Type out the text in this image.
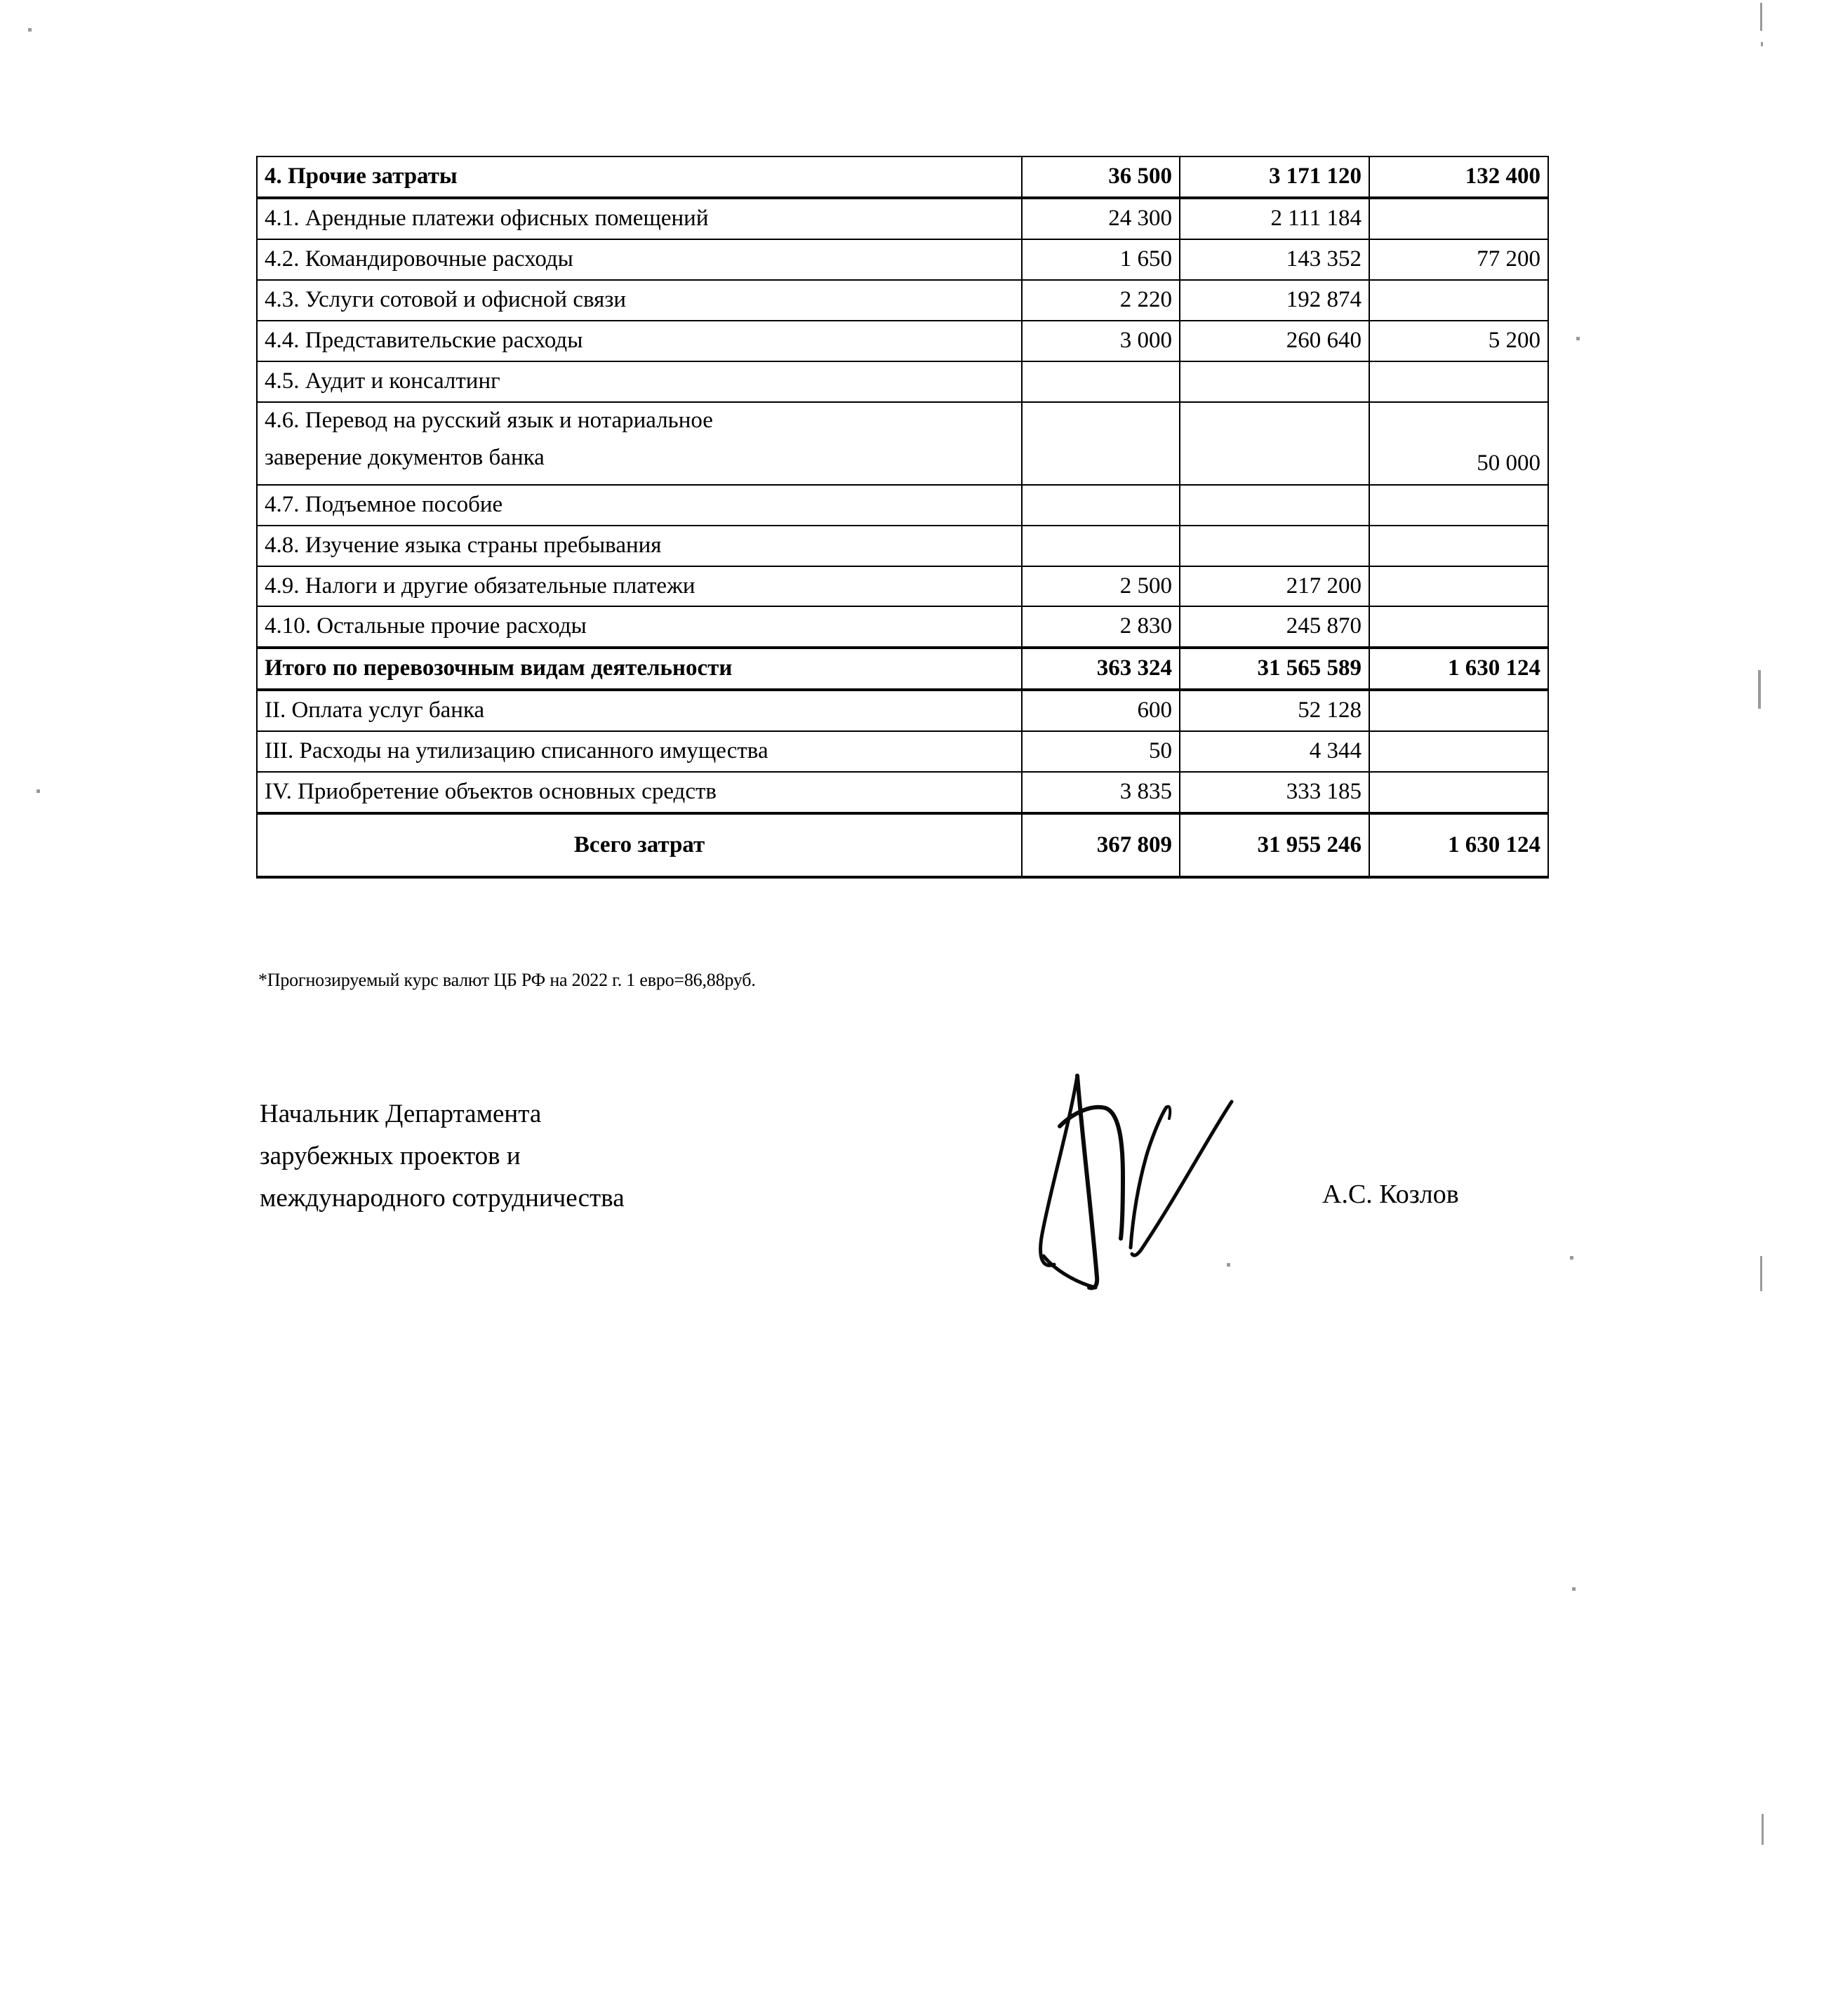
4. Прочие затраты	36 500	3 171 120	132 400
4.1. Арендные платежи офисных помещений	24 300	2 111 184	
4.2. Командировочные расходы	1 650	143 352	77 200
4.3. Услуги сотовой и офисной связи	2 220	192 874	
4.4. Представительские расходы	3 000	260 640	5 200
4.5. Аудит и консалтинг			
4.6. Перевод на русский язык и нотариальное
заверение документов банка			50 000
4.7. Подъемное пособие			
4.8. Изучение языка страны пребывания			
4.9. Налоги и другие обязательные платежи	2 500	217 200	
4.10. Остальные прочие расходы	2 830	245 870	
Итого по перевозочным видам деятельности	363 324	31 565 589	1 630 124
II. Оплата услуг банка	600	52 128	
III. Расходы на утилизацию списанного имущества	50	4 344	
IV. Приобретение объектов основных средств	3 835	333 185	
Всего затрат	367 809	31 955 246	1 630 124
*Прогнозируемый курс валют ЦБ РФ на 2022 г. 1 евро=86,88руб.
Начальник Департамента
зарубежных проектов и
международного сотрудничества	А.С. Козлов
